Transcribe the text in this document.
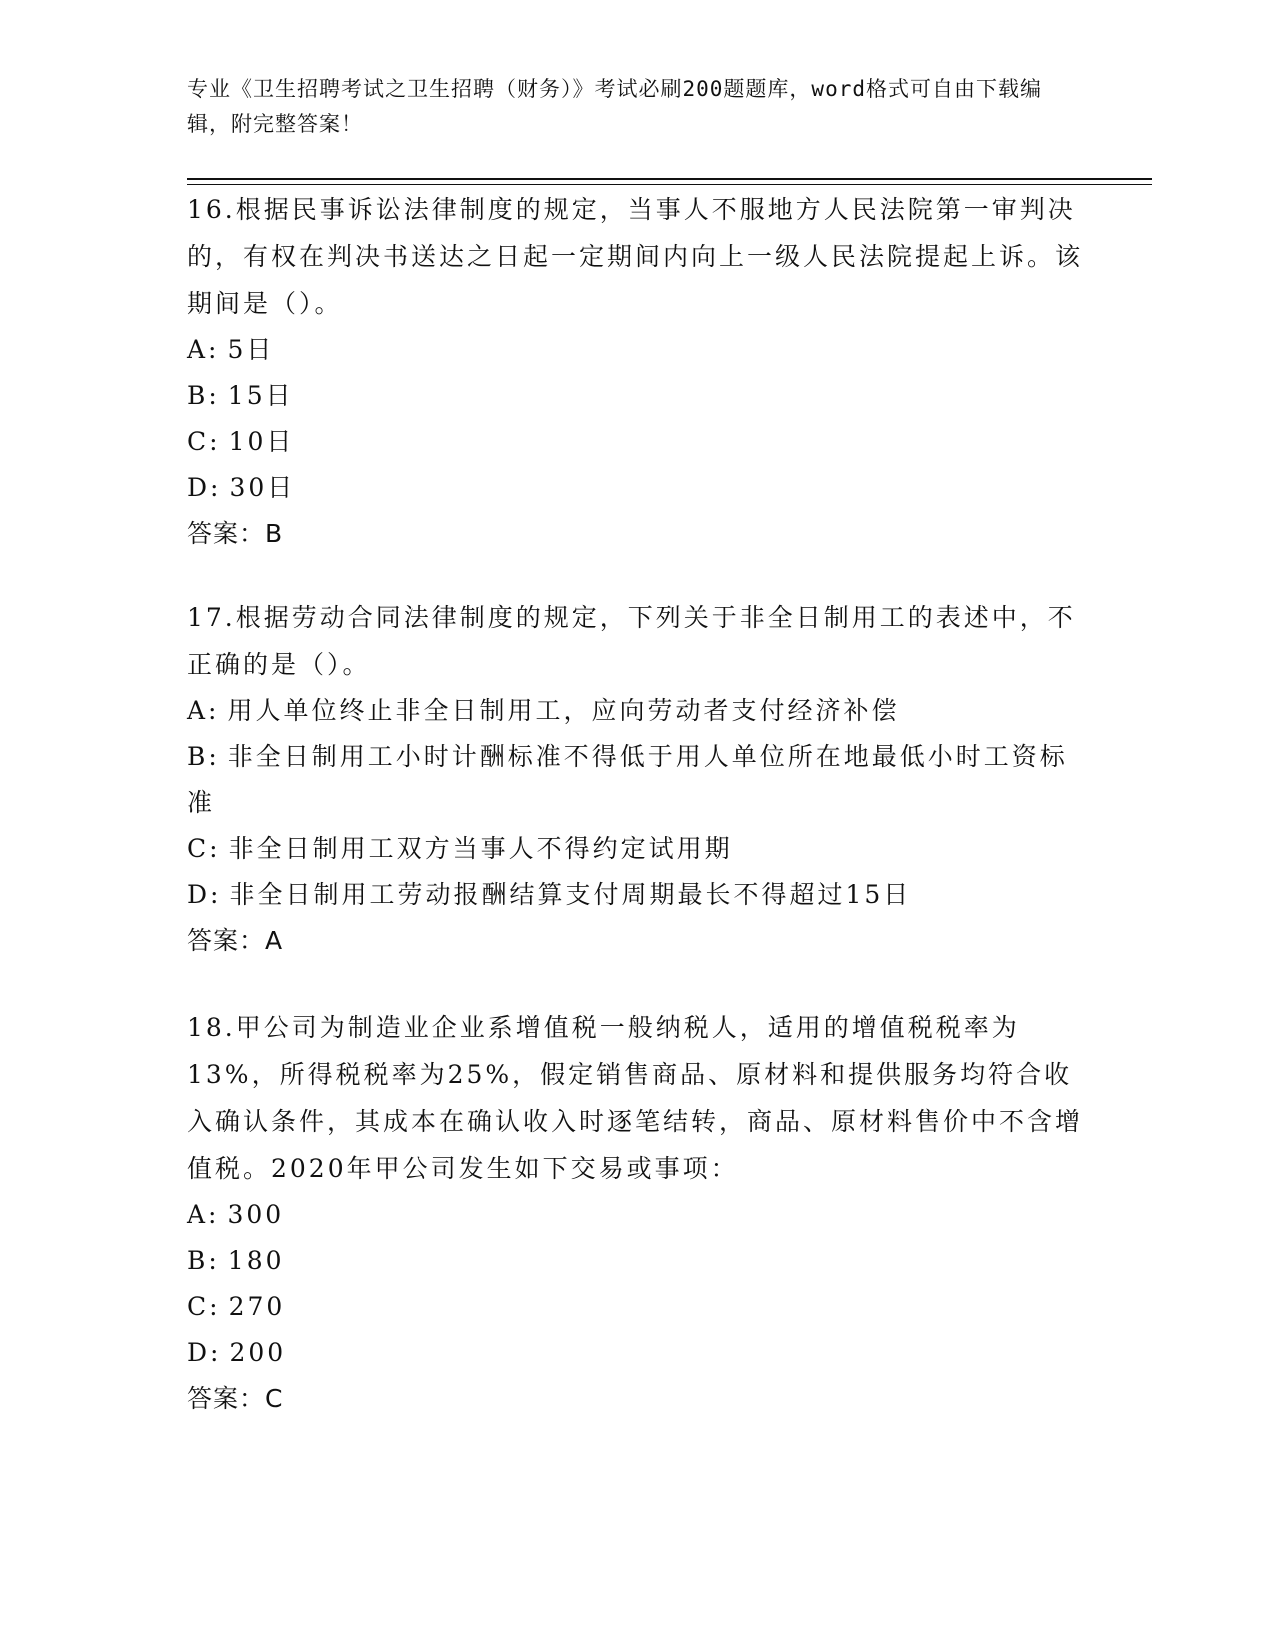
专业《卫生招聘考试之卫生招聘（财务）》考试必刷200题题库，word格式可自由下载编辑，附完整答案！

16.根据民事诉讼法律制度的规定，当事人不服地方人民法院第一审判决的，有权在判决书送达之日起一定期间内向上一级人民法院提起上诉。该期间是（）。

A: 5日

B: 15日

C: 10日

D: 30日

答案：B

17.根据劳动合同法律制度的规定，下列关于非全日制用工的表述中，不正确的是（）。

A: 用人单位终止非全日制用工，应向劳动者支付经济补偿

B: 非全日制用工小时计酬标准不得低于用人单位所在地最低小时工资标准

C: 非全日制用工双方当事人不得约定试用期

D: 非全日制用工劳动报酬结算支付周期最长不得超过15日

答案：A

18.甲公司为制造业企业系增值税一般纳税人，适用的增值税税率为13%，所得税税率为25%，假定销售商品、原材料和提供服务均符合收入确认条件，其成本在确认收入时逐笔结转，商品、原材料售价中不含增值税。2020年甲公司发生如下交易或事项：

A: 300

B: 180

C: 270

D: 200

答案：C
